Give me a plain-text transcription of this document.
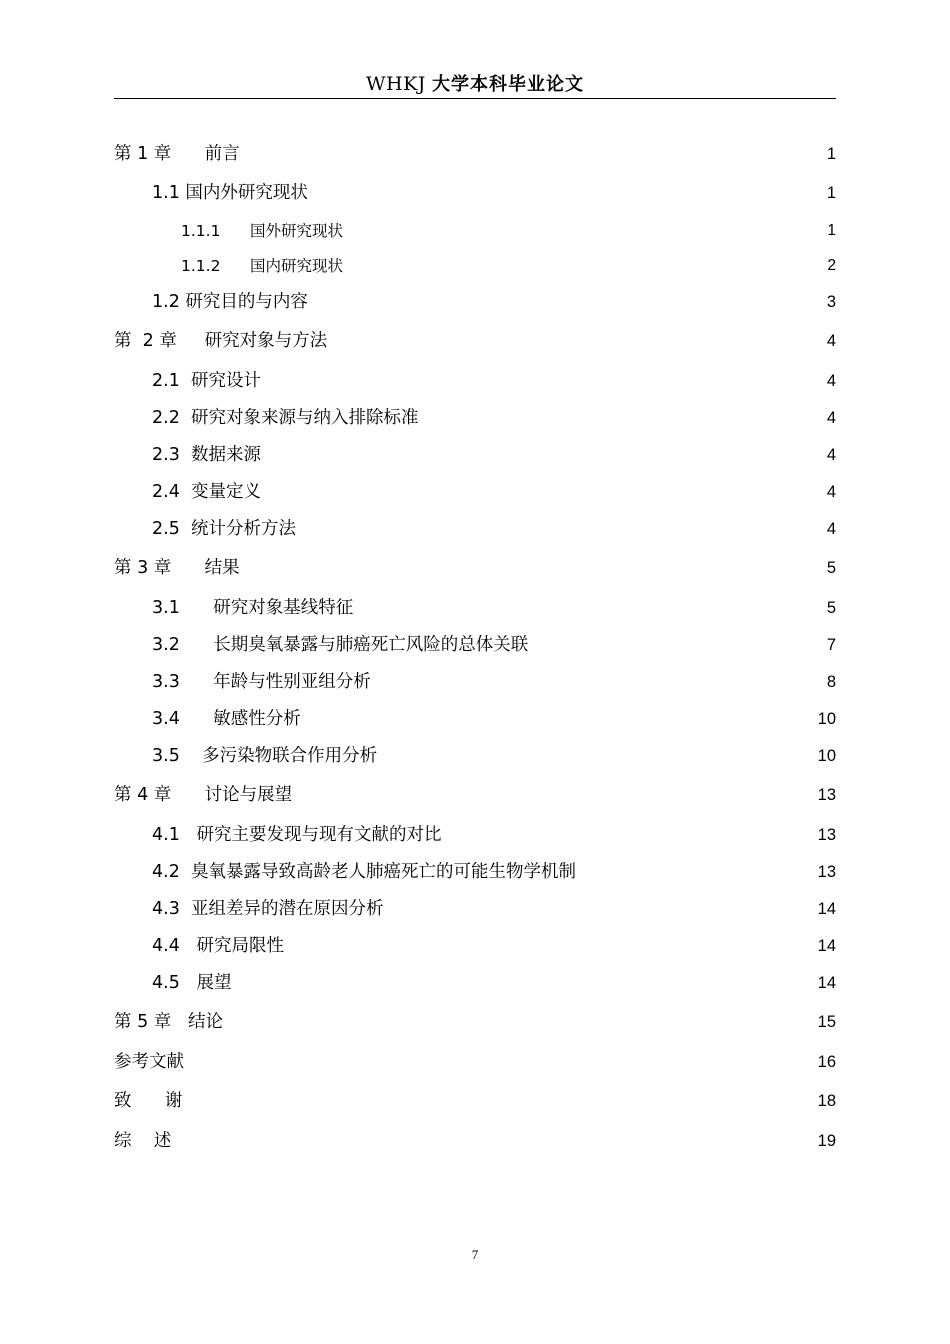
WHKJ 大学本科毕业论文
第 1 章      前言	1
1.1 国内外研究现状	1
1.1.1      国外研究现状	1
1.1.2      国内研究现状	2
1.2 研究目的与内容	3
第  2 章     研究对象与方法	4
2.1  研究设计	4
2.2  研究对象来源与纳入排除标准	4
2.3  数据来源	4
2.4  变量定义	4
2.5  统计分析方法	4
第 3 章      结果	5
3.1      研究对象基线特征	5
3.2      长期臭氧暴露与肺癌死亡风险的总体关联	7
3.3      年龄与性别亚组分析	8
3.4      敏感性分析	10
3.5    多污染物联合作用分析	10
第 4 章      讨论与展望	13
4.1   研究主要发现与现有文献的对比	13
4.2  臭氧暴露导致高龄老人肺癌死亡的可能生物学机制	13
4.3  亚组差异的潜在原因分析	14
4.4   研究局限性	14
4.5   展望	14
第 5 章   结论	15
参考文献	16
致      谢	18
综    述	19
7
